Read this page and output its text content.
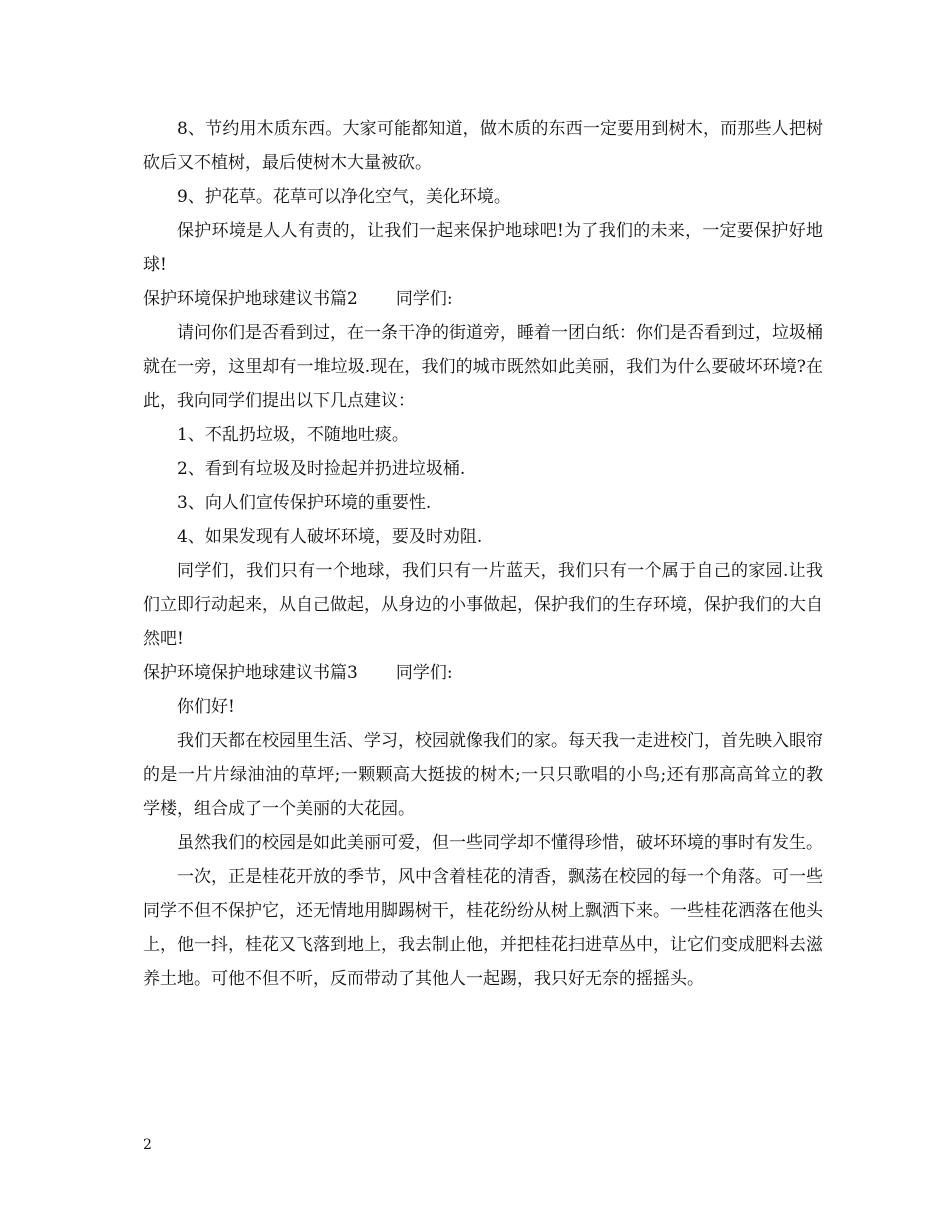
8、节约用木质东西。大家可能都知道，做木质的东西一定要用到树木，而那些人把树砍后又不植树，最后使树木大量被砍。

9、护花草。花草可以净化空气，美化环境。

保护环境是人人有责的，让我们一起来保护地球吧!为了我们的未来，一定要保护好地球!

保护环境保护地球建议书篇2 同学们:

请问你们是否看到过，在一条干净的街道旁，睡着一团白纸：你们是否看到过，垃圾桶就在一旁，这里却有一堆垃圾.现在，我们的城市既然如此美丽，我们为什么要破坏环境?在此，我向同学们提出以下几点建议：

1、不乱扔垃圾，不随地吐痰。

2、看到有垃圾及时捡起并扔进垃圾桶.

3、向人们宣传保护环境的重要性.

4、如果发现有人破坏环境，要及时劝阻.

同学们，我们只有一个地球，我们只有一片蓝天，我们只有一个属于自己的家园.让我们立即行动起来，从自己做起，从身边的小事做起，保护我们的生存环境，保护我们的大自然吧!

保护环境保护地球建议书篇3 同学们:

你们好!

我们天都在校园里生活、学习，校园就像我们的家。每天我一走进校门，首先映入眼帘的是一片片绿油油的草坪;一颗颗高大挺拔的树木;一只只歌唱的小鸟;还有那高高耸立的教学楼，组合成了一个美丽的大花园。

虽然我们的校园是如此美丽可爱，但一些同学却不懂得珍惜，破坏环境的事时有发生。

一次，正是桂花开放的季节，风中含着桂花的清香，飘荡在校园的每一个角落。可一些同学不但不保护它，还无情地用脚踢树干，桂花纷纷从树上飘洒下来。一些桂花洒落在他头上，他一抖，桂花又飞落到地上，我去制止他，并把桂花扫进草丛中，让它们变成肥料去滋养土地。可他不但不听，反而带动了其他人一起踢，我只好无奈的摇摇头。

2
